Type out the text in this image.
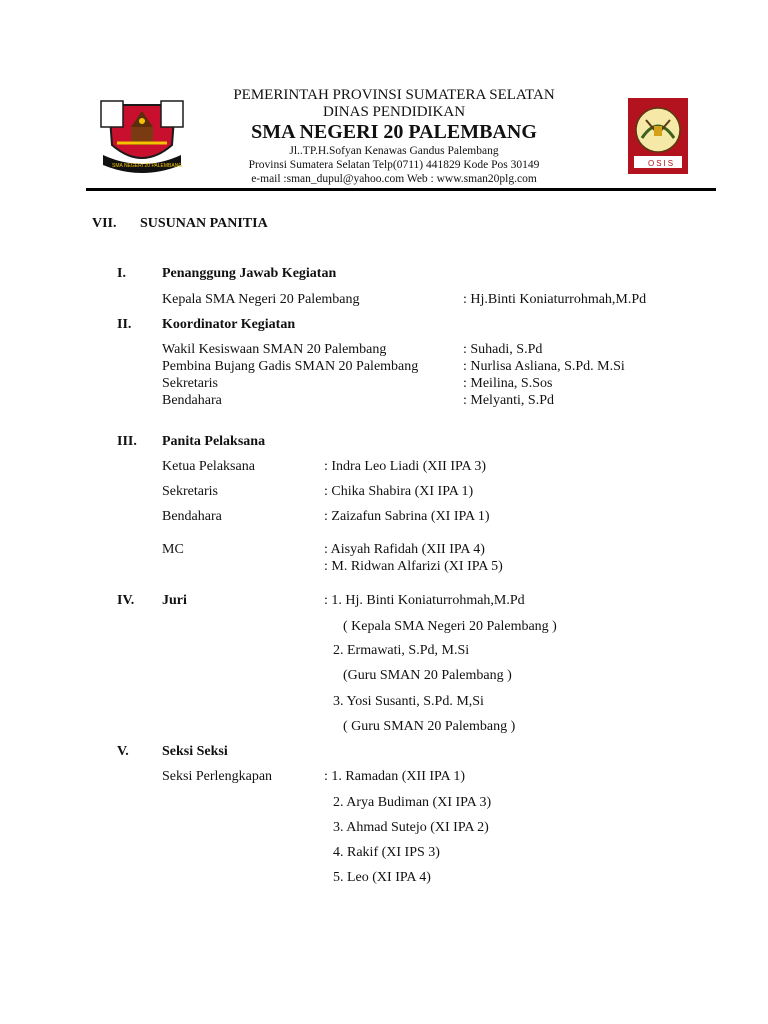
SMA NEGERI 20 PALEMBANG	OSIS
PEMERINTAH PROVINSI SUMATERA SELATAN
DINAS PENDIDIKAN
SMA NEGERI 20 PALEMBANG
Jl..TP.H.Sofyan Kenawas Gandus Palembang
Provinsi Sumatera Selatan Telp(0711) 441829 Kode Pos 30149
e-mail :sman_dupul@yahoo.com Web : www.sman20plg.com
VII. SUSUNAN PANITIA
I.	Penanggung Jawab Kegiatan
Kepala SMA Negeri 20 Palembang	: Hj.Binti Koniaturrohmah,M.Pd
II. Koordinator Kegiatan
Wakil Kesiswaan SMAN 20 Palembang	: Suhadi, S.Pd
Pembina Bujang Gadis SMAN 20 Palembang	: Nurlisa Asliana, S.Pd. M.Si
Sekretaris	: Meilina, S.Sos
Bendahara	: Melyanti, S.Pd
III. Panita Pelaksana
Ketua Pelaksana	: Indra Leo Liadi (XII IPA 3)
Sekretaris	: Chika Shabira (XI IPA 1)
Bendahara	: Zaizafun Sabrina (XI IPA 1)
MC	: Aisyah Rafidah (XII IPA 4)
: M. Ridwan Alfarizi (XI IPA 5)
IV. Juri	: 1. Hj. Binti Koniaturrohmah,M.Pd
( Kepala SMA Negeri 20 Palembang )
2. Ermawati, S.Pd, M.Si
(Guru SMAN 20 Palembang )
3. Yosi Susanti, S.Pd. M,Si
( Guru SMAN 20 Palembang )
V. Seksi Seksi
Seksi Perlengkapan	: 1. Ramadan (XII IPA 1)
2. Arya Budiman (XI IPA 3)
3. Ahmad Sutejo (XI IPA 2)
4. Rakif (XI IPS 3)
5. Leo (XI IPA 4)
